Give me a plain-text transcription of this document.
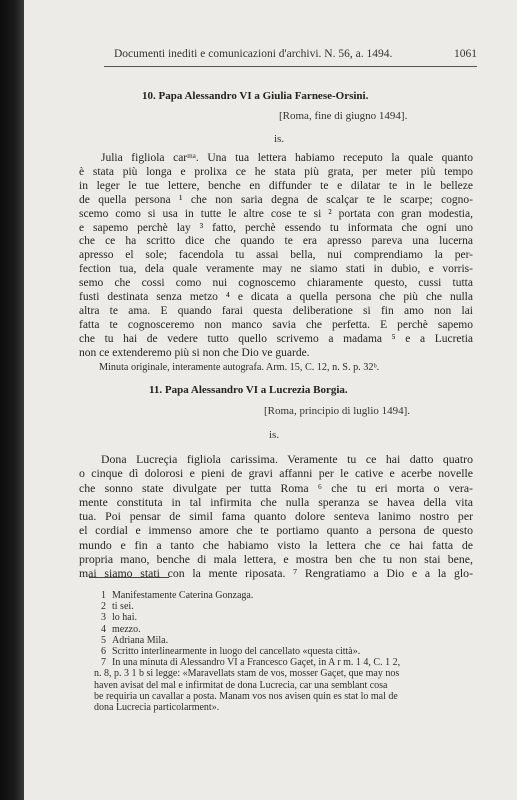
Documenti inediti e comunicazioni d'archivi. N. 56, a. 1494.	1061
10. Papa Alessandro VI a Giulia Farnese-Orsini.
[Roma, fine di giugno 1494].
is.
Julia figliola carᵐᵃ. Una tua lettera habiamo receputo la quale quanto
è stata più longa e prolixa ce he stata più grata, per meter più tempo
in leger le tue lettere, benche en diffunder te e dilatar te in le belleze
de quella persona ¹ che non saria degna de scalçar te le scarpe; cogno-
scemo como si usa in tutte le altre cose te si ² portata con gran modestia,
e sapemo perchè lay ³ fatto, perchè essendo tu informata che ogni uno
che ce ha scritto dice che quando te era apresso pareva una lucerna
apresso el sole; facendola tu assai bella, nui comprendiamo la per-
fection tua, dela quale veramente may ne siamo stati in dubio, e vorris-
semo che cossi como nui cognoscemo chiaramente questo, cussi tutta
fusti destinata senza metzo ⁴ e dicata a quella persona che più che nulla
altra te ama. E quando farai questa deliberatione si fin amo non lai
fatta te cognosceremo non manco savia che perfetta. E perchè sapemo
che tu hai de vedere tutto quello scrivemo a madama ⁵ e a Lucretia
non ce extenderemo più si non che Dio ve guarde.
Minuta originale, interamente autografa. Arm. 15, C. 12, n. S. p. 32ᵇ.
11. Papa Alessandro VI a Lucrezia Borgia.
[Roma, principio di luglio 1494].
is.
Dona Lucreçia figliola carissima. Veramente tu ce hai datto quatro
o cinque dì dolorosi e pieni de gravi affanni per le cative e acerbe novelle
che sonno state divulgate per tutta Roma ⁶ che tu eri morta o vera-
mente constituta in tal infirmita che nulla speranza se havea della vita
tua. Poi pensar de simil fama quanto dolore senteva lanimo nostro per
el cordial e immenso amore che te portiamo quanto a persona de questo
mundo e fin a tanto che habiamo visto la lettera che ce hai fatta de
propria mano, benche di mala lettera, e mostra ben che tu non stai bene,
mai siamo stati con la mente riposata. ⁷ Rengratiamo a Dio e a la glo-
1 Manifestamente Caterina Gonzaga.
2 ti sei.
3 lo hai.
4 mezzo.
5 Adriana Mila.
6 Scritto interlinearmente in luogo del cancellato «questa città».
7 In una minuta di Alessandro VI a Francesco Gaçet, in A r m. 1 4, C. 1 2,
n. 8, p. 3 1 b si legge: «Maravellats stam de vos, mosser Gaçet, que may nos
haven avisat del mal e infirmitat de dona Lucrecia, car una semblant cosa
be requiria un cavallar a posta. Manam vos nos avisen quin es stat lo mal de
dona Lucrecia particolarment».
